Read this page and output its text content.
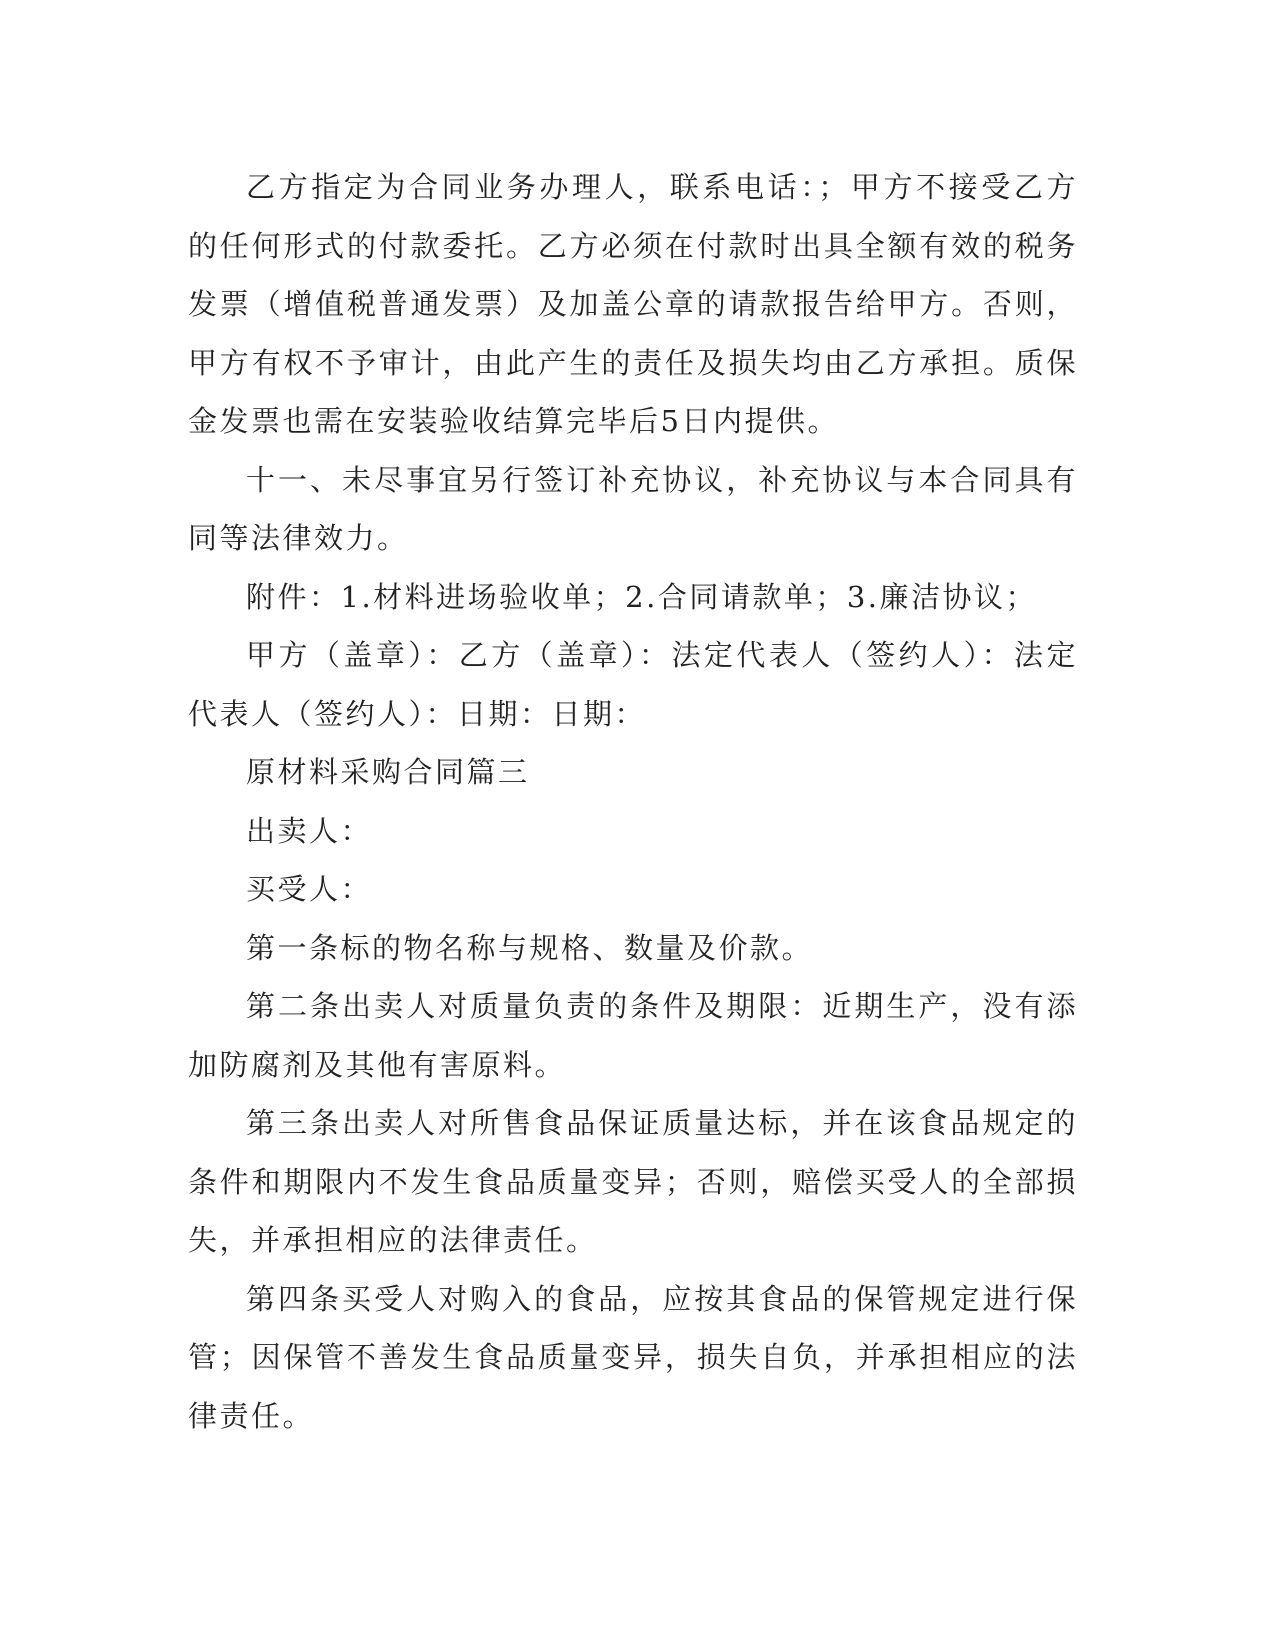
乙方指定为合同业务办理人，联系电话：；甲方不接受乙方的任何形式的付款委托。乙方必须在付款时出具全额有效的税务发票（增值税普通发票）及加盖公章的请款报告给甲方。否则，甲方有权不予审计，由此产生的责任及损失均由乙方承担。质保金发票也需在安装验收结算完毕后5日内提供。

十一、未尽事宜另行签订补充协议，补充协议与本合同具有同等法律效力。

附件：1.材料进场验收单；2.合同请款单；3.廉洁协议；

甲方（盖章）：乙方（盖章）：法定代表人（签约人）：法定代表人（签约人）：日期：日期：

原材料采购合同篇三

出卖人：

买受人：

第一条标的物名称与规格、数量及价款。

第二条出卖人对质量负责的条件及期限：近期生产，没有添加防腐剂及其他有害原料。

第三条出卖人对所售食品保证质量达标，并在该食品规定的条件和期限内不发生食品质量变异；否则，赔偿买受人的全部损失，并承担相应的法律责任。

第四条买受人对购入的食品，应按其食品的保管规定进行保管；因保管不善发生食品质量变异，损失自负，并承担相应的法律责任。
